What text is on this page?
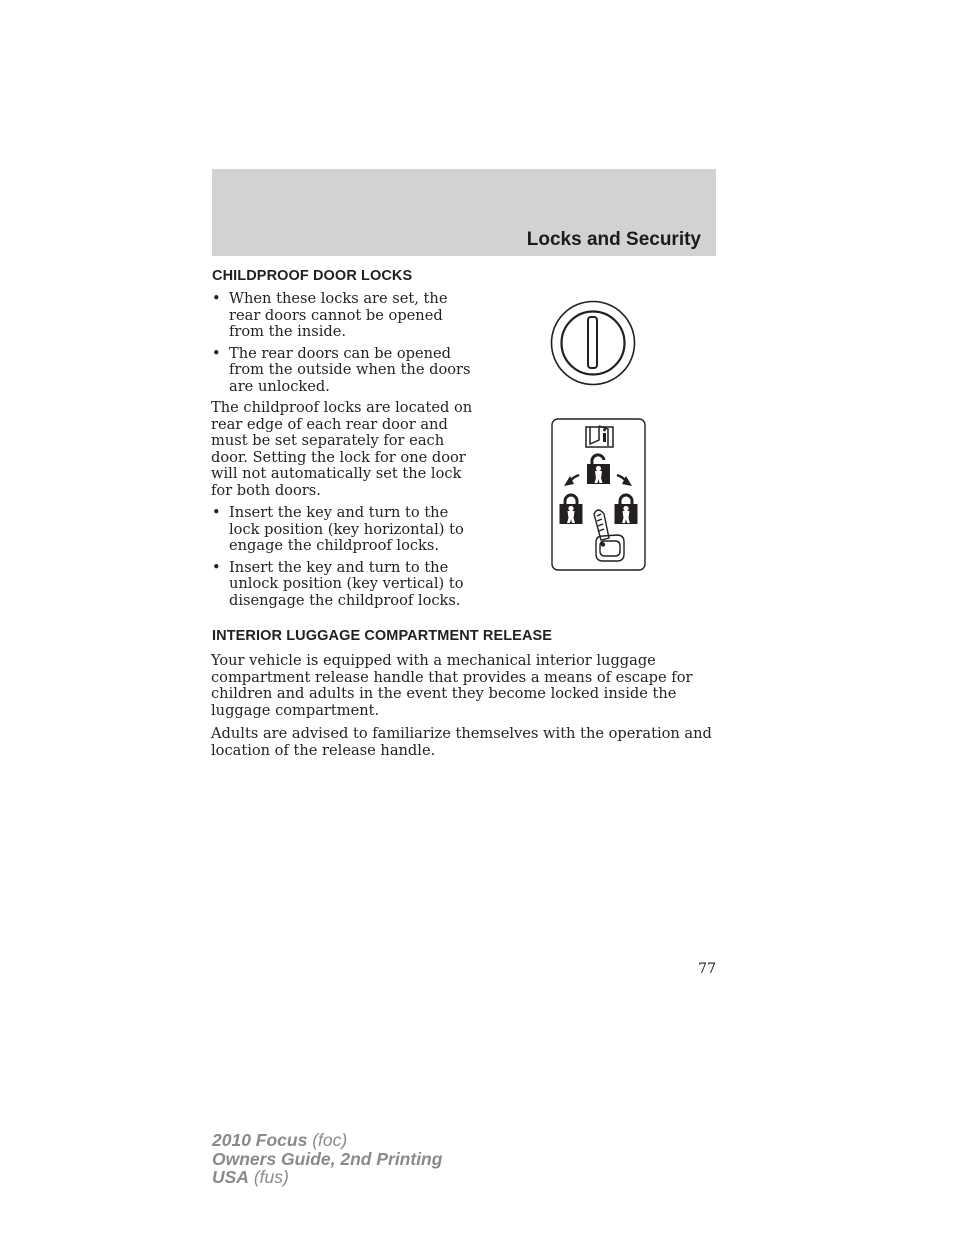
Locks and Security
CHILDPROOF DOOR LOCKS
• When these locks are set, the rear doors cannot be opened from the inside.
• The rear doors can be opened from the outside when the doors are unlocked.

The childproof locks are located on rear edge of each rear door and must be set separately for each door. Setting the lock for one door will not automatically set the lock for both doors.

• Insert the key and turn to the lock position (key horizontal) to engage the childproof locks.
• Insert the key and turn to the unlock position (key vertical) to disengage the childproof locks.
INTERIOR LUGGAGE COMPARTMENT RELEASE

Your vehicle is equipped with a mechanical interior luggage compartment release handle that provides a means of escape for children and adults in the event they become locked inside the luggage compartment.

Adults are advised to familiarize themselves with the operation and location of the release handle.

77
2010 Focus (foc)
Owners Guide, 2nd Printing
USA (fus)
